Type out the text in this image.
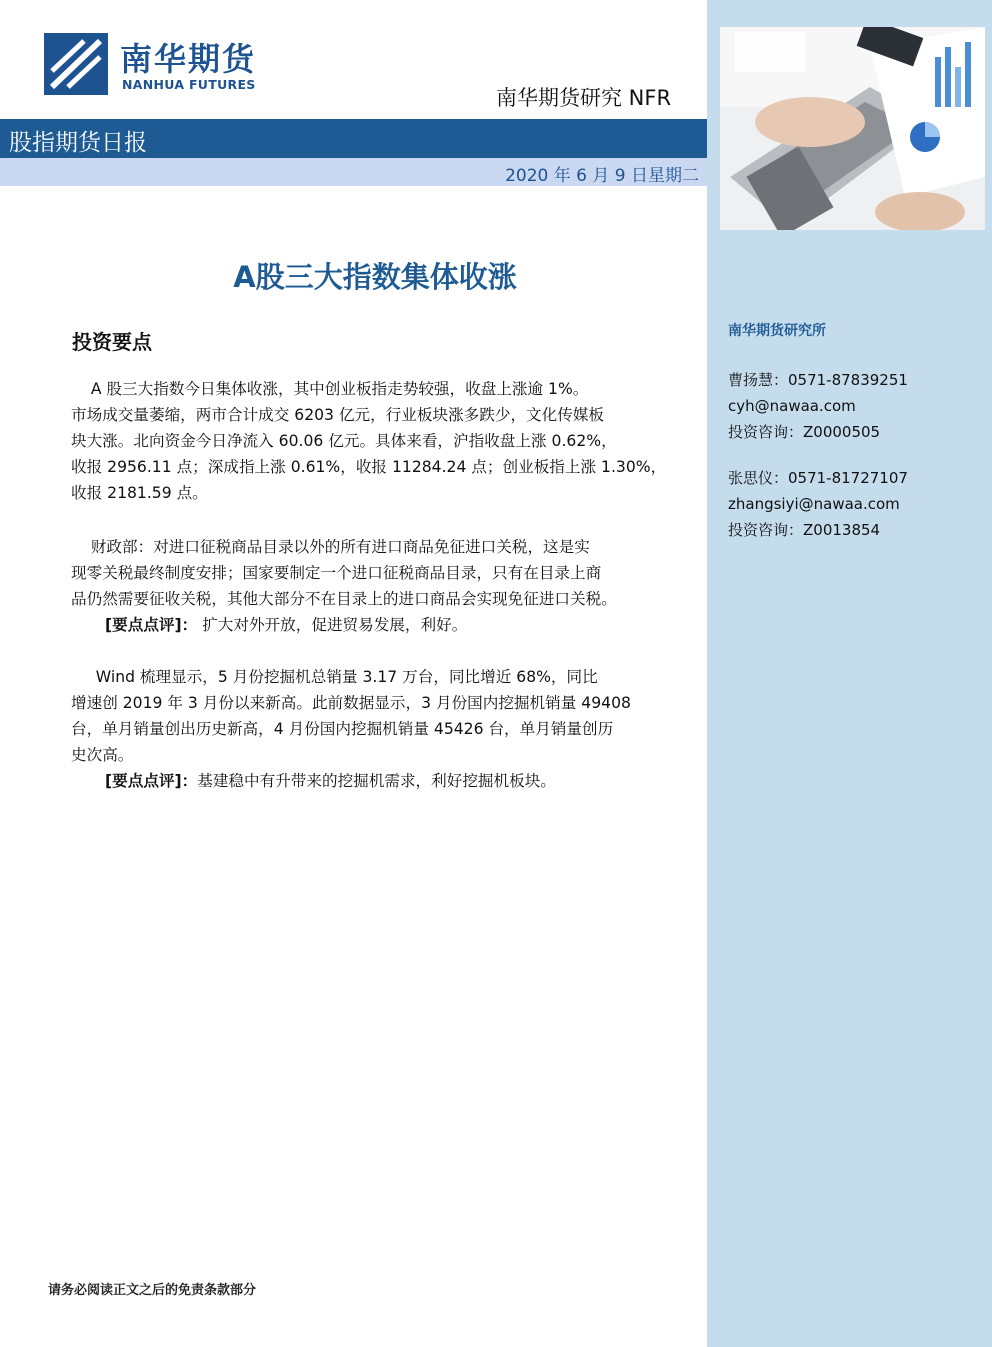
南华期货研究所
曹扬慧：0571-87839251
cyh@nawaa.com
投资咨询：Z0000505
张思仪：0571-81727107
zhangsiyi@nawaa.com
投资咨询：Z0013854
南华期货
NANHUA FUTURES
南华期货研究 NFR
股指期货日报
2020 年 6 月 9 日星期二
A股三大指数集体收涨
投资要点
A 股三大指数今日集体收涨，其中创业板指走势较强，收盘上涨逾 1%。
市场成交量萎缩，两市合计成交 6203 亿元，行业板块涨多跌少，文化传媒板
块大涨。北向资金今日净流入 60.06 亿元。具体来看，沪指收盘上涨 0.62%，
收报 2956.11 点；深成指上涨 0.61%，收报 11284.24 点；创业板指上涨 1.30%，
收报 2181.59 点。
财政部：对进口征税商品目录以外的所有进口商品免征进口关税，这是实
现零关税最终制度安排；国家要制定一个进口征税商品目录，只有在目录上商
品仍然需要征收关税，其他大部分不在目录上的进口商品会实现免征进口关税。
[要点点评]： 扩大对外开放，促进贸易发展，利好。
Wind 梳理显示，5 月份挖掘机总销量 3.17 万台，同比增近 68%，同比
增速创 2019 年 3 月份以来新高。此前数据显示，3 月份国内挖掘机销量 49408
台，单月销量创出历史新高，4 月份国内挖掘机销量 45426 台，单月销量创历
史次高。
[要点点评]：基建稳中有升带来的挖掘机需求，利好挖掘机板块。
请务必阅读正文之后的免责条款部分
